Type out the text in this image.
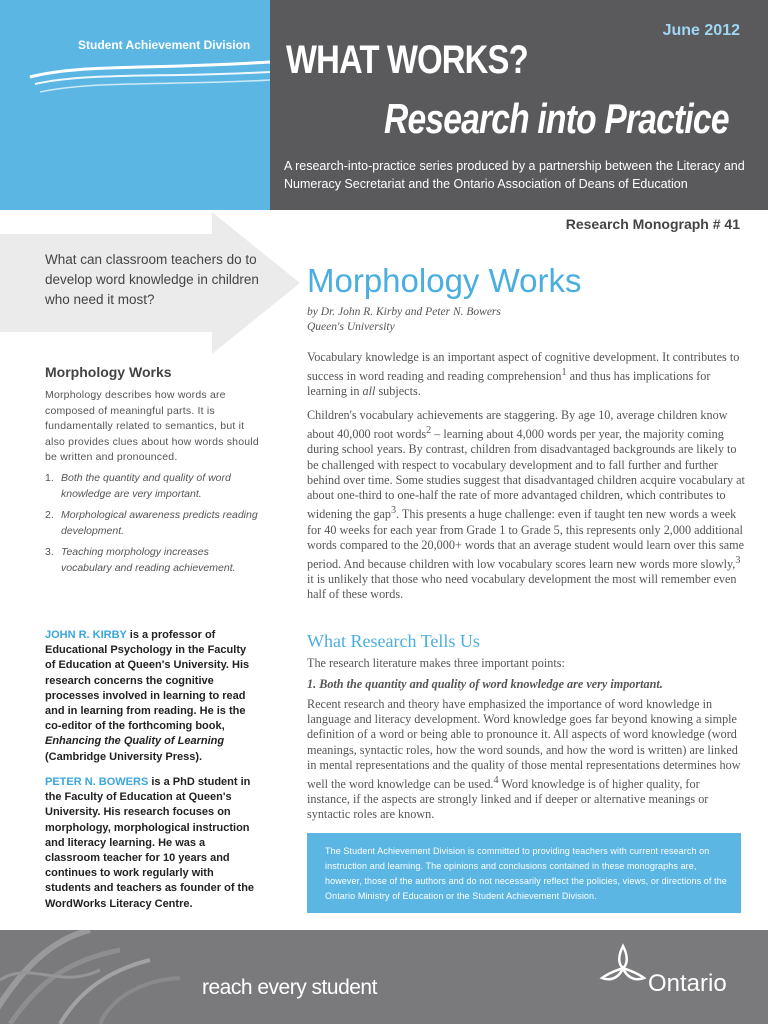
Student Achievement Division
June 2012
WHAT WORKS?
Research into Practice
A research-into-practice series produced by a partnership between the Literacy and Numeracy Secretariat and the Ontario Association of Deans of Education
Research Monograph # 41
What can classroom teachers do to develop word knowledge in children who need it most?
Morphology Works
Morphology describes how words are composed of meaningful parts. It is fundamentally related to semantics, but it also provides clues about how words should be written and pronounced.
1. Both the quantity and quality of word knowledge are very important.
2. Morphological awareness predicts reading development.
3. Teaching morphology increases vocabulary and reading achievement.
JOHN R. KIRBY is a professor of Educational Psychology in the Faculty of Education at Queen's University. His research concerns the cognitive processes involved in learning to read and in learning from reading. He is the co-editor of the forthcoming book, Enhancing the Quality of Learning (Cambridge University Press).
PETER N. BOWERS is a PhD student in the Faculty of Education at Queen's University. His research focuses on morphology, morphological instruction and literacy learning. He was a classroom teacher for 10 years and continues to work regularly with students and teachers as founder of the WordWorks Literacy Centre.
Morphology Works
by Dr. John R. Kirby and Peter N. Bowers
Queen's University
Vocabulary knowledge is an important aspect of cognitive development. It contributes to success in word reading and reading comprehension$^1$ and thus has implications for learning in all subjects.
Children's vocabulary achievements are staggering. By age 10, average children know about 40,000 root words$^2$ – learning about 4,000 words per year, the majority coming during school years. By contrast, children from disadvantaged backgrounds are likely to be challenged with respect to vocabulary development and to fall further and further behind over time. Some studies suggest that disadvantaged children acquire vocabulary at about one-third to one-half the rate of more advantaged children, which contributes to widening the gap$^3$. This presents a huge challenge: even if taught ten new words a week for 40 weeks for each year from Grade 1 to Grade 5, this represents only 2,000 additional words compared to the 20,000+ words that an average student would learn over this same period. And because children with low vocabulary scores learn new words more slowly,$^3$ it is unlikely that those who need vocabulary development the most will remember even half of these words.
What Research Tells Us
The research literature makes three important points:
1. Both the quantity and quality of word knowledge are very important.
Recent research and theory have emphasized the importance of word knowledge in language and literacy development. Word knowledge goes far beyond knowing a simple definition of a word or being able to pronounce it. All aspects of word knowledge (word meanings, syntactic roles, how the word sounds, and how the word is written) are linked in mental representations and the quality of those mental representations determines how well the word knowledge can be used.$^4$ Word knowledge is of higher quality, for instance, if the aspects are strongly linked and if deeper or alternative meanings or syntactic roles are known.
The Student Achievement Division is committed to providing teachers with current research on instruction and learning. The opinions and conclusions contained in these monographs are, however, those of the authors and do not necessarily reflect the policies, views, or directions of the Ontario Ministry of Education or the Student Achievement Division.
reach every student	Ontario
